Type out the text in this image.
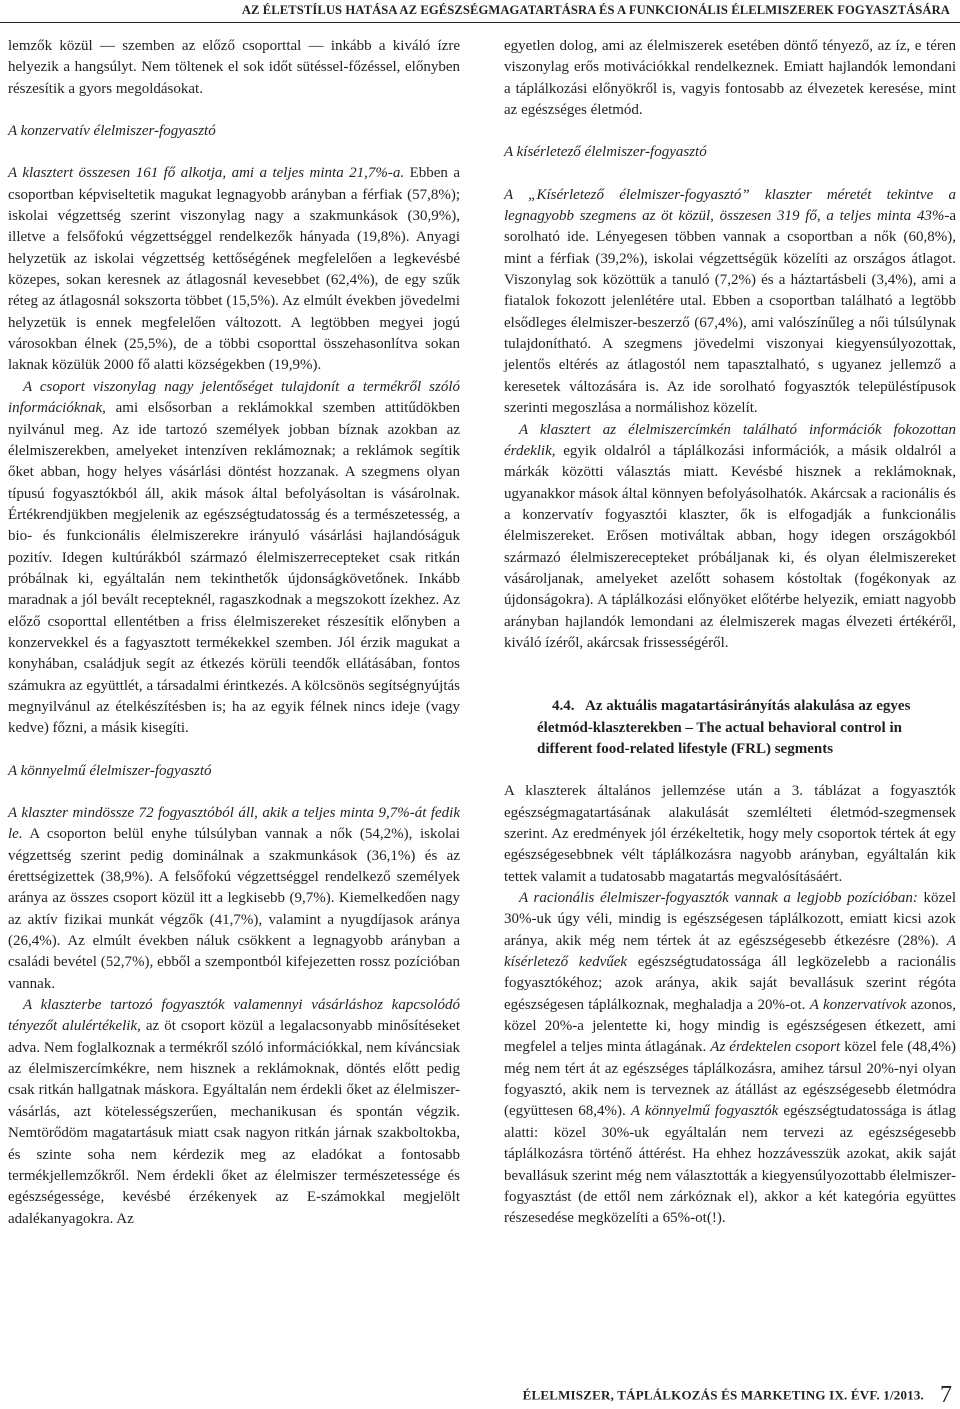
AZ ÉLETSTÍLUS HATÁSA AZ EGÉSZSÉGMAGATARTÁSRA ÉS A FUNKCIONÁLIS ÉLELMISZEREK FOGYASZTÁSÁRA

lemzők közül — szemben az előző csoporttal — inkább a kiváló ízre helyezik a hangsúlyt. Nem töltenek el sok időt sütéssel-főzéssel, előnyben részesítik a gyors megoldásokat.

A konzervatív élelmiszer-fogyasztó

A klasztert összesen 161 fő alkotja, ami a teljes minta 21,7%-a. Ebben a csoportban képviseltetik magukat legnagyobb arányban a férfiak (57,8%); iskolai végzettség szerint viszonylag nagy a szakmunkások (30,9%), illetve a felsőfokú végzettséggel rendelkezők hányada (19,8%). Anyagi helyzetük az iskolai végzettség kettőségének megfelelően a legkevésbé közepes, sokan keresnek az átlagosnál kevesebbet (62,4%), de egy szűk réteg az átlagosnál sokszorta többet (15,5%). Az elmúlt években jövedelmi helyzetük is ennek megfelelően változott. A legtöbben megyei jogú városokban élnek (25,5%), de a többi csoporttal összehasonlítva sokan laknak közülük 2000 fő alatti községekben (19,9%).

A csoport viszonylag nagy jelentőséget tulajdonít a termékről szóló információknak, ami elsősorban a reklámokkal szemben attitűdökben nyilvánul meg. Az ide tartozó személyek jobban bíznak azokban az élelmiszerekben, amelyeket intenzíven reklámoznak; a reklámok segítik őket abban, hogy helyes vásárlási döntést hozzanak. A szegmens olyan típusú fogyasztókból áll, akik mások által befolyásoltan is vásárolnak. Értékrendjükben megjelenik az egészségtudatosság és a természetesség, a bio- és funkcionális élelmiszerekre irányuló vásárlási hajlandóságuk pozitív. Idegen kultúrákból származó élelmiszerrecepteket csak ritkán próbálnak ki, egyáltalán nem tekinthetők újdonságkövetőnek. Inkább maradnak a jól bevált recepteknél, ragaszkodnak a megszokott ízekhez. Az előző csoporttal ellentétben a friss élelmiszereket részesítik előnyben a konzervekkel és a fagyasztott termékekkel szemben. Jól érzik magukat a konyhában, családjuk segít az étkezés körüli teendők ellátásában, fontos számukra az együttlét, a társadalmi érintkezés. A kölcsönös segítségnyújtás megnyilvánul az ételkészítésben is; ha az egyik félnek nincs ideje (vagy kedve) főzni, a másik kisegíti.

A könnyelmű élelmiszer-fogyasztó

A klaszter mindössze 72 fogyasztóból áll, akik a teljes minta 9,7%-át fedik le. A csoporton belül enyhe túlsúlyban vannak a nők (54,2%), iskolai végzettség szerint pedig dominálnak a szakmunkások (36,1%) és az érettségizettek (38,9%). A felsőfokú végzettséggel rendelkező személyek aránya az összes csoport közül itt a legkisebb (9,7%). Kiemelkedően nagy az aktív fizikai munkát végzők (41,7%), valamint a nyugdíjasok aránya (26,4%). Az elmúlt években náluk csökkent a legnagyobb arányban a családi bevétel (52,7%), ebből a szempontból kifejezetten rossz pozícióban vannak.

A klaszterbe tartozó fogyasztók valamennyi vásárláshoz kapcsolódó tényezőt alulértékelik, az öt csoport közül a legalacsonyabb minősítéseket adva. Nem foglalkoznak a termékről szóló információkkal, nem kíváncsiak az élelmiszercímkékre, nem hisznek a reklámoknak, döntés előtt pedig csak ritkán hallgatnak máskora. Egyáltalán nem érdekli őket az élelmiszer-vásárlás, azt kötelességszerűen, mechanikusan és spontán végzik. Nemtörődöm magatartásuk miatt csak nagyon ritkán járnak szakboltokba, és szinte soha nem kérdezik meg az eladókat a fontosabb termékjellemzőkről. Nem érdekli őket az élelmiszer természetessége és egészségessége, kevésbé érzékenyek az E-számokkal megjelölt adalékanyagokra. Az

egyetlen dolog, ami az élelmiszerek esetében döntő tényező, az íz, e téren viszonylag erős motivációkkal rendelkeznek. Emiatt hajlandók lemondani a táplálkozási előnyökről is, vagyis fontosabb az élvezetek keresése, mint az egészséges életmód.

A kísérletező élelmiszer-fogyasztó

A „Kísérletező élelmiszer-fogyasztó” klaszter méretét tekintve a legnagyobb szegmens az öt közül, összesen 319 fő, a teljes minta 43%-a sorolható ide. Lényegesen többen vannak a csoportban a nők (60,8%), mint a férfiak (39,2%), iskolai végzettségük közelíti az országos átlagot. Viszonylag sok közöttük a tanuló (7,2%) és a háztartásbeli (3,4%), ami a fiatalok fokozott jelenlétére utal. Ebben a csoportban található a legtöbb elsődleges élelmiszer-beszerző (67,4%), ami valószínűleg a női túlsúlynak tulajdonítható. A szegmens jövedelmi viszonyai kiegyensúlyozottak, jelentős eltérés az átlagostól nem tapasztalható, s ugyanez jellemző a keresetek változására is. Az ide sorolható fogyasztók településtípusok szerinti megoszlása a normálishoz közelít.

A klasztert az élelmiszercímkén található információk fokozottan érdeklik, egyik oldalról a táplálkozási információk, a másik oldalról a márkák közötti választás miatt. Kevésbé hisznek a reklámoknak, ugyanakkor mások által könnyen befolyásolhatók. Akárcsak a racionális és a konzervatív fogyasztói klaszter, ők is elfogadják a funkcionális élelmiszereket. Erősen motiváltak abban, hogy idegen országokból származó élelmiszerecepteket próbáljanak ki, és olyan élelmiszereket vásároljanak, amelyeket azelőtt sohasem kóstoltak (fogékonyak az újdonságokra). A táplálkozási előnyöket előtérbe helyezik, emiatt nagyobb arányban hajlandók lemondani az élelmiszerek magas élvezeti értékéről, kiváló ízéről, akárcsak frissességéről.

4.4. Az aktuális magatartásirányítás alakulása az egyes életmód-klaszterekben – The actual behavioral control in different food-related lifestyle (FRL) segments

A klaszterek általános jellemzése után a 3. táblázat a fogyasztók egészségmagatartásának alakulását szemlélteti életmód-szegmensek szerint. Az eredmények jól érzékeltetik, hogy mely csoportok tértek át egy egészségesebbnek vélt táplálkozásra nagyobb arányban, egyáltalán kik tettek valamit a tudatosabb magatartás megvalósításáért.

A racionális élelmiszer-fogyasztók vannak a legjobb pozícióban: közel 30%-uk úgy véli, mindig is egészségesen táplálkozott, emiatt kicsi azok aránya, akik még nem tértek át az egészségesebb étkezésre (28%). A kísérletező kedvűek egészségtudatossága áll legközelebb a racionális fogyasztókéhoz; azok aránya, akik saját bevallásuk szerint régóta egészségesen táplálkoznak, meghaladja a 20%-ot. A konzervatívok azonos, közel 20%-a jelentette ki, hogy mindig is egészségesen étkezett, ami megfelel a teljes minta átlagának. Az érdektelen csoport közel fele (48,4%) még nem tért át az egészséges táplálkozásra, amihez társul 20%-nyi olyan fogyasztó, akik nem is terveznek az átállást az egészségesebb életmódra (együttesen 68,4%). A könnyelmű fogyasztók egészségtudatossága is átlag alatti: közel 30%-uk egyáltalán nem tervezi az egészségesebb táplálkozásra történő áttérést. Ha ehhez hozzávesszük azokat, akik saját bevallásuk szerint még nem választották a kiegyensúlyozottabb élelmiszer-fogyasztást (de ettől nem zárkóznak el), akkor a két kategória együttes részesedése megközelíti a 65%-ot(!).

ÉLELMISZER, TÁPLÁLKOZÁS ÉS MARKETING IX. ÉVF. 1/2013. 7
